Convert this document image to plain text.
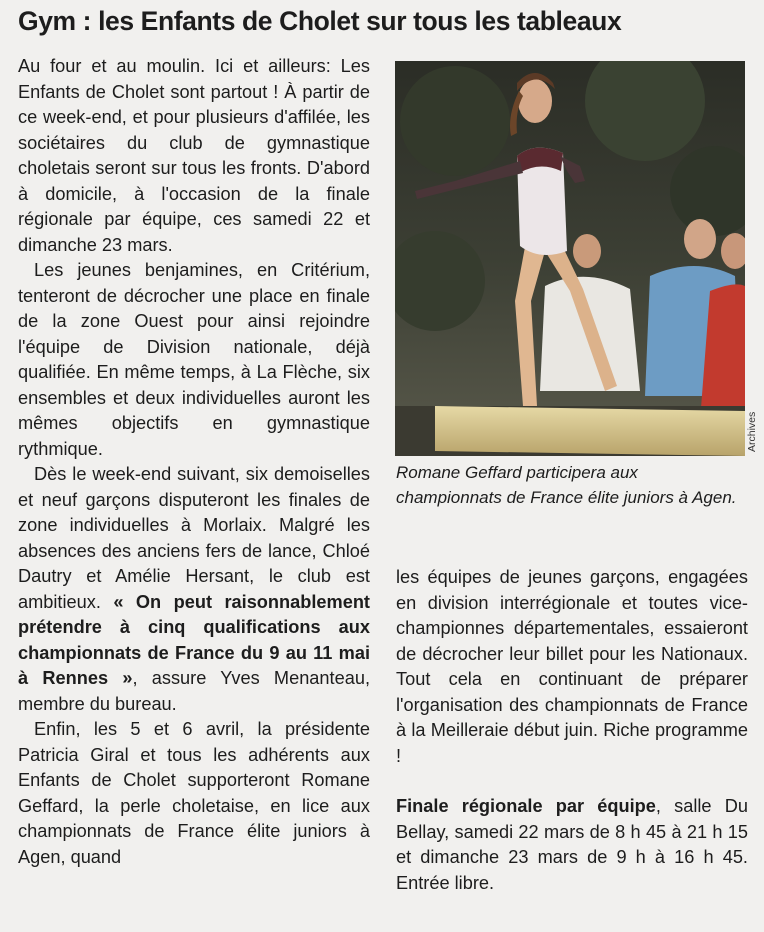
Gym : les Enfants de Cholet sur tous les tableaux

Au four et au moulin. Ici et ailleurs: Les Enfants de Cholet sont partout ! À partir de ce week-end, et pour plusieurs d'affilée, les sociétaires du club de gymnastique choletais seront sur tous les fronts. D'abord à domicile, à l'occasion de la finale régionale par équipe, ces samedi 22 et dimanche 23 mars.

Les jeunes benjamines, en Critérium, tenteront de décrocher une place en finale de la zone Ouest pour ainsi rejoindre l'équipe de Division nationale, déjà qualifiée. En même temps, à La Flèche, six ensembles et deux individuelles auront les mêmes objectifs en gymnastique rythmique.

Dès le week-end suivant, six demoiselles et neuf garçons disputeront les finales de zone individuelles à Morlaix. Malgré les absences des anciens fers de lance, Chloé Dautry et Amélie Hersant, le club est ambitieux. « On peut raisonnablement prétendre à cinq qualifications aux championnats de France du 9 au 11 mai à Rennes », assure Yves Menanteau, membre du bureau.

Enfin, les 5 et 6 avril, la présidente Patricia Giral et tous les adhérents aux Enfants de Cholet supporteront Romane Geffard, la perle choletaise, en lice aux championnats de France élite juniors à Agen, quand

Archives
Romane Geffard participera aux championnats de France élite juniors à Agen.

les équipes de jeunes garçons, engagées en division interrégionale et toutes vice-championnes départementales, essaieront de décrocher leur billet pour les Nationaux. Tout cela en continuant de préparer l'organisation des championnats de France à la Meilleraie début juin. Riche programme !

Finale régionale par équipe, salle Du Bellay, samedi 22 mars de 8 h 45 à 21 h 15 et dimanche 23 mars de 9 h à 16 h 45. Entrée libre.
